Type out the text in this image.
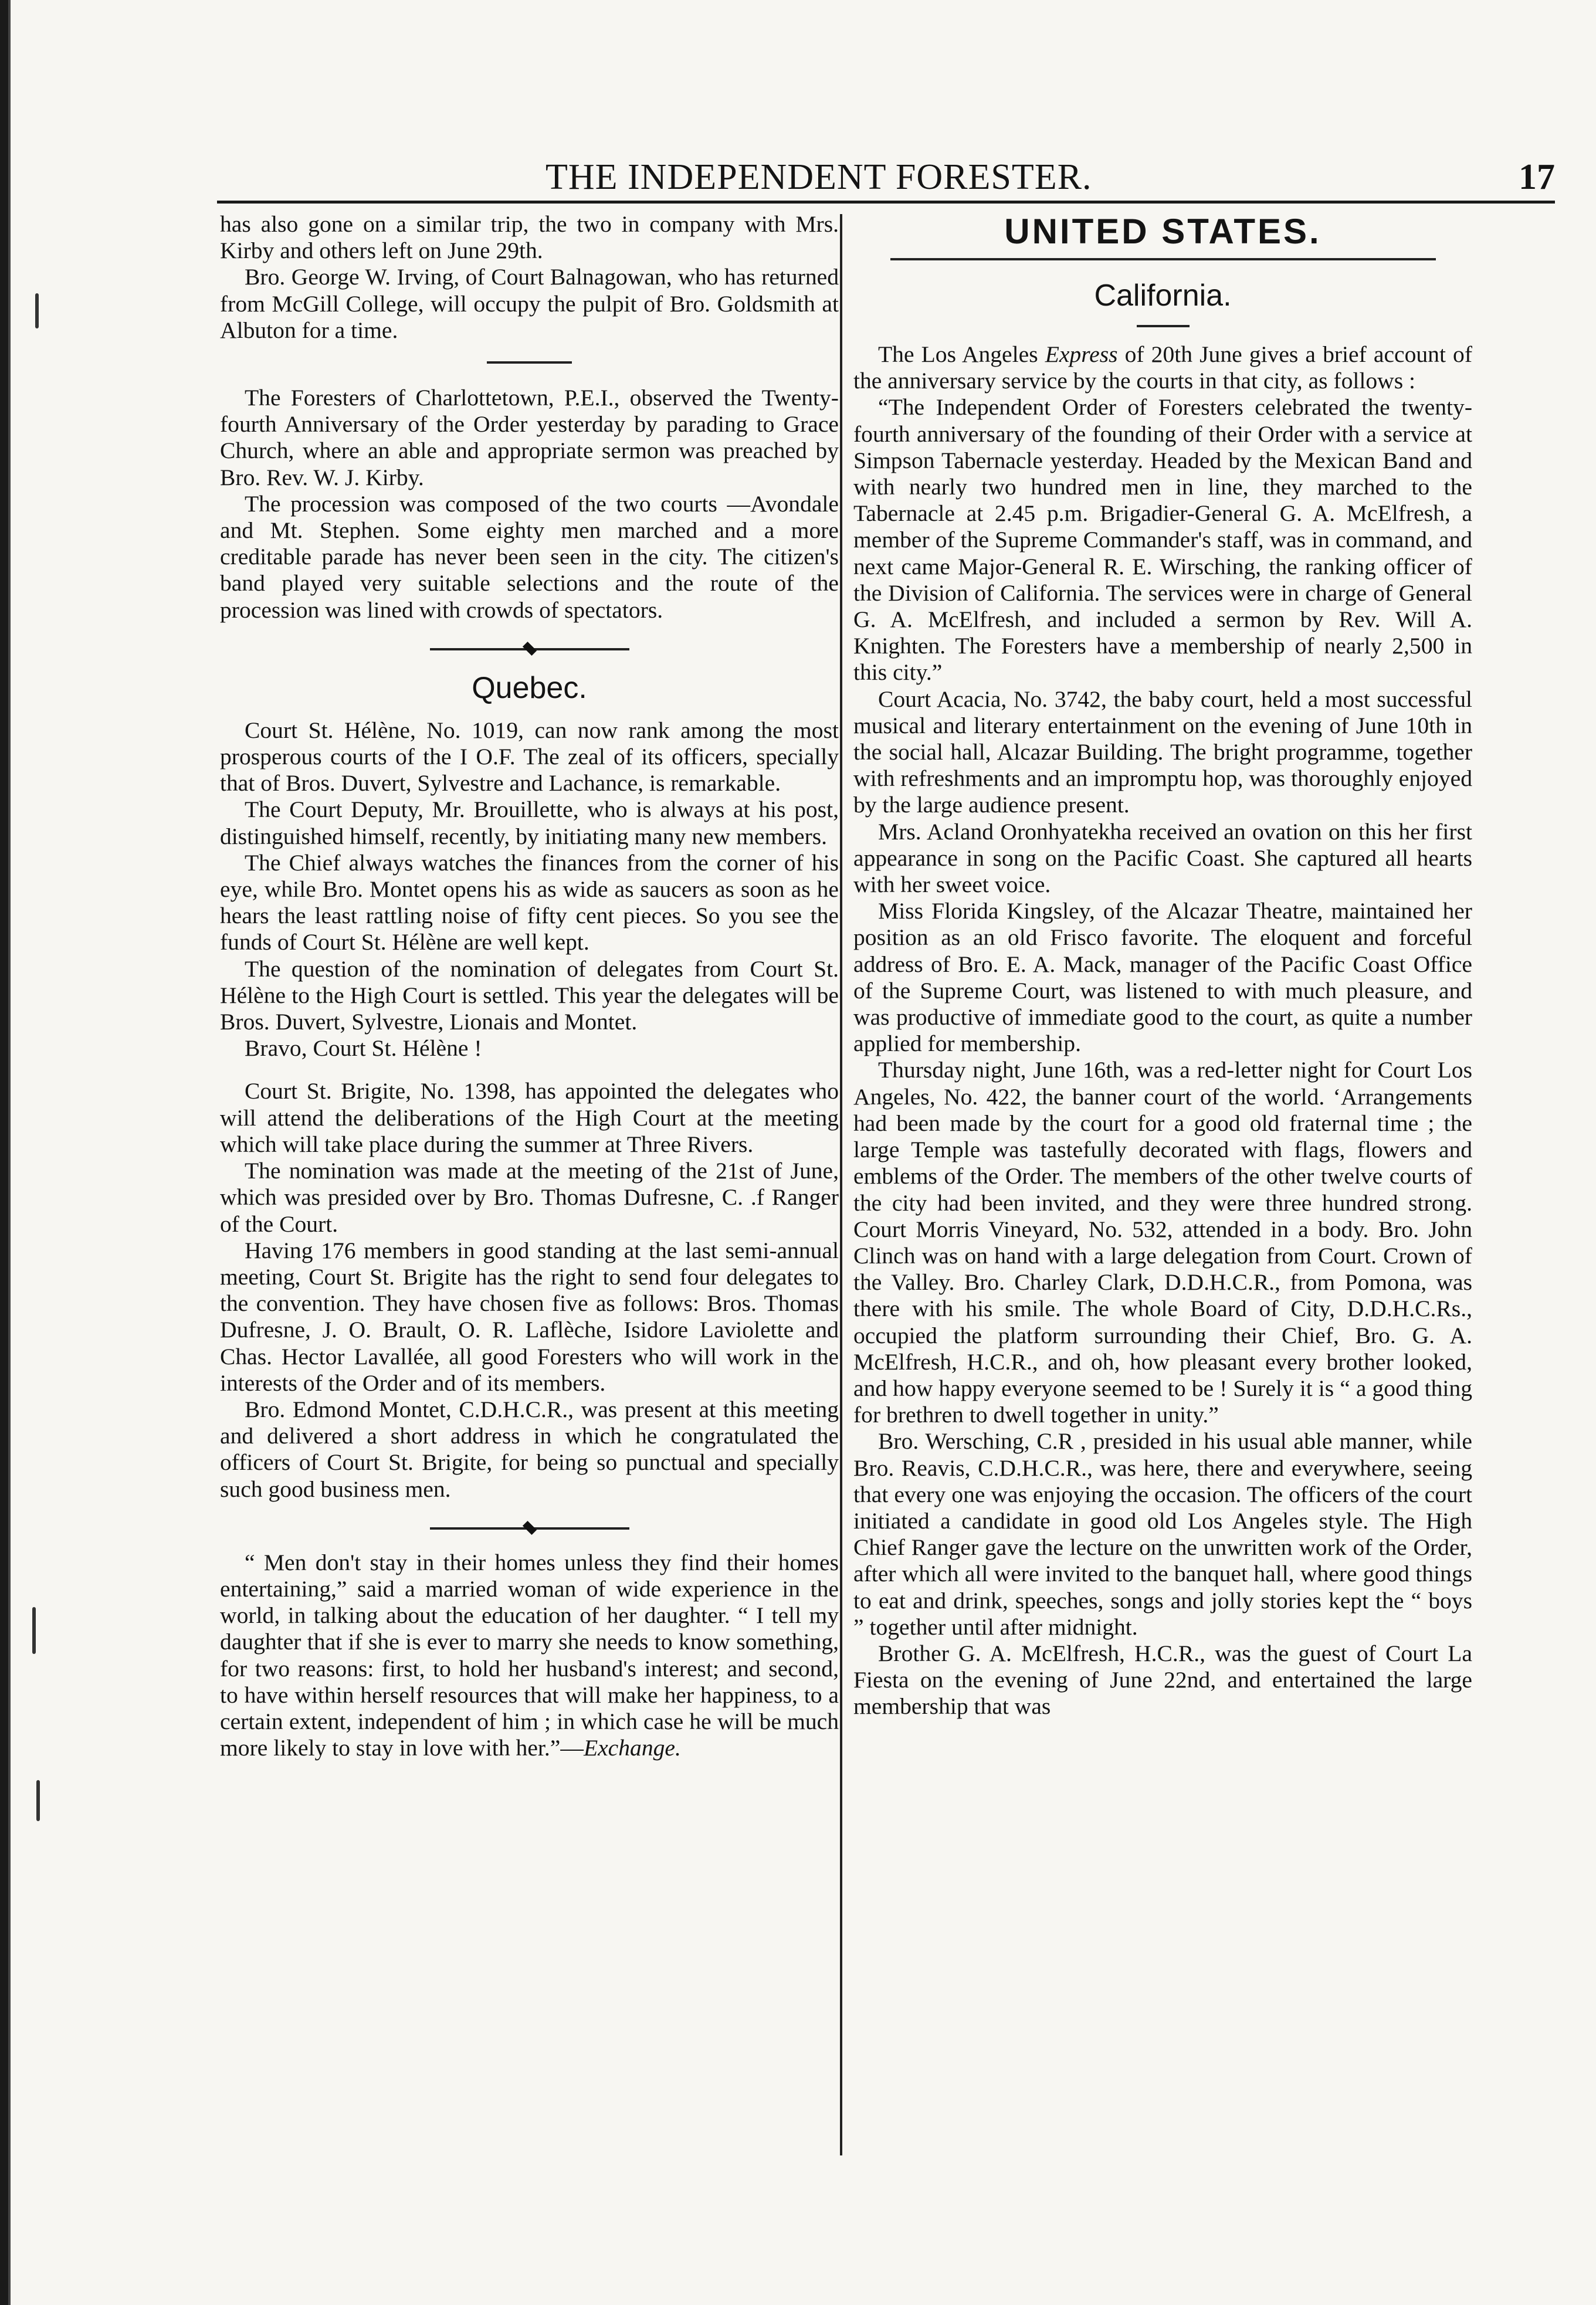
THE INDEPENDENT FORESTER.	17

has also gone on a similar trip, the two in company with Mrs. Kirby and others left on June 29th.

Bro. George W. Irving, of Court Balnagowan, who has returned from McGill College, will occupy the pulpit of Bro. Goldsmith at Albuton for a time.

The Foresters of Charlottetown, P.E.I., observed the Twenty-fourth Anniversary of the Order yesterday by parading to Grace Church, where an able and appropriate sermon was preached by Bro. Rev. W. J. Kirby.

The procession was composed of the two courts —Avondale and Mt. Stephen. Some eighty men marched and a more creditable parade has never been seen in the city. The citizen's band played very suitable selections and the route of the procession was lined with crowds of spectators.

Quebec.

Court St. Hélène, No. 1019, can now rank among the most prosperous courts of the I O.F. The zeal of its officers, specially that of Bros. Duvert, Sylvestre and Lachance, is remarkable.

The Court Deputy, Mr. Brouillette, who is always at his post, distinguished himself, recently, by initiating many new members.

The Chief always watches the finances from the corner of his eye, while Bro. Montet opens his as wide as saucers as soon as he hears the least rattling noise of fifty cent pieces. So you see the funds of Court St. Hélène are well kept.

The question of the nomination of delegates from Court St. Hélène to the High Court is settled. This year the delegates will be Bros. Duvert, Sylvestre, Lionais and Montet.

Bravo, Court St. Hélène !

Court St. Brigite, No. 1398, has appointed the delegates who will attend the deliberations of the High Court at the meeting which will take place during the summer at Three Rivers.

The nomination was made at the meeting of the 21st of June, which was presided over by Bro. Thomas Dufresne, C. .f Ranger of the Court.

Having 176 members in good standing at the last semi-annual meeting, Court St. Brigite has the right to send four delegates to the convention. They have chosen five as follows: Bros. Thomas Dufresne, J. O. Brault, O. R. Laflèche, Isidore Laviolette and Chas. Hector Lavallée, all good Foresters who will work in the interests of the Order and of its members.

Bro. Edmond Montet, C.D.H.C.R., was present at this meeting and delivered a short address in which he congratulated the officers of Court St. Brigite, for being so punctual and specially such good business men.

“ Men don't stay in their homes unless they find their homes entertaining,” said a married woman of wide experience in the world, in talking about the education of her daughter. “ I tell my daughter that if she is ever to marry she needs to know something, for two reasons: first, to hold her husband's interest; and second, to have within herself resources that will make her happiness, to a certain extent, independent of him ; in which case he will be much more likely to stay in love with her.”—Exchange.

UNITED STATES.
California.

The Los Angeles Express of 20th June gives a brief account of the anniversary service by the courts in that city, as follows :

“The Independent Order of Foresters celebrated the twenty-fourth anniversary of the founding of their Order with a service at Simpson Tabernacle yesterday. Headed by the Mexican Band and with nearly two hundred men in line, they marched to the Tabernacle at 2.45 p.m. Brigadier-General G. A. McElfresh, a member of the Supreme Commander's staff, was in command, and next came Major-General R. E. Wirsching, the ranking officer of the Division of California. The services were in charge of General G. A. McElfresh, and included a sermon by Rev. Will A. Knighten. The Foresters have a membership of nearly 2,500 in this city.”

Court Acacia, No. 3742, the baby court, held a most successful musical and literary entertainment on the evening of June 10th in the social hall, Alcazar Building. The bright programme, together with refreshments and an impromptu hop, was thoroughly enjoyed by the large audience present.

Mrs. Acland Oronhyatekha received an ovation on this her first appearance in song on the Pacific Coast. She captured all hearts with her sweet voice.

Miss Florida Kingsley, of the Alcazar Theatre, maintained her position as an old Frisco favorite. The eloquent and forceful address of Bro. E. A. Mack, manager of the Pacific Coast Office of the Supreme Court, was listened to with much pleasure, and was productive of immediate good to the court, as quite a number applied for membership.

Thursday night, June 16th, was a red-letter night for Court Los Angeles, No. 422, the banner court of the world. ‘Arrangements had been made by the court for a good old fraternal time ; the large Temple was tastefully decorated with flags, flowers and emblems of the Order. The members of the other twelve courts of the city had been invited, and they were three hundred strong. Court Morris Vineyard, No. 532, attended in a body. Bro. John Clinch was on hand with a large delegation from Court. Crown of the Valley. Bro. Charley Clark, D.D.H.C.R., from Pomona, was there with his smile. The whole Board of City, D.D.H.C.Rs., occupied the platform surrounding their Chief, Bro. G. A. McElfresh, H.C.R., and oh, how pleasant every brother looked, and how happy everyone seemed to be ! Surely it is “ a good thing for brethren to dwell together in unity.”

Bro. Wersching, C.R , presided in his usual able manner, while Bro. Reavis, C.D.H.C.R., was here, there and everywhere, seeing that every one was enjoying the occasion. The officers of the court initiated a candidate in good old Los Angeles style. The High Chief Ranger gave the lecture on the unwritten work of the Order, after which all were invited to the banquet hall, where good things to eat and drink, speeches, songs and jolly stories kept the “ boys ” together until after midnight.

Brother G. A. McElfresh, H.C.R., was the guest of Court La Fiesta on the evening of June 22nd, and entertained the large membership that was
